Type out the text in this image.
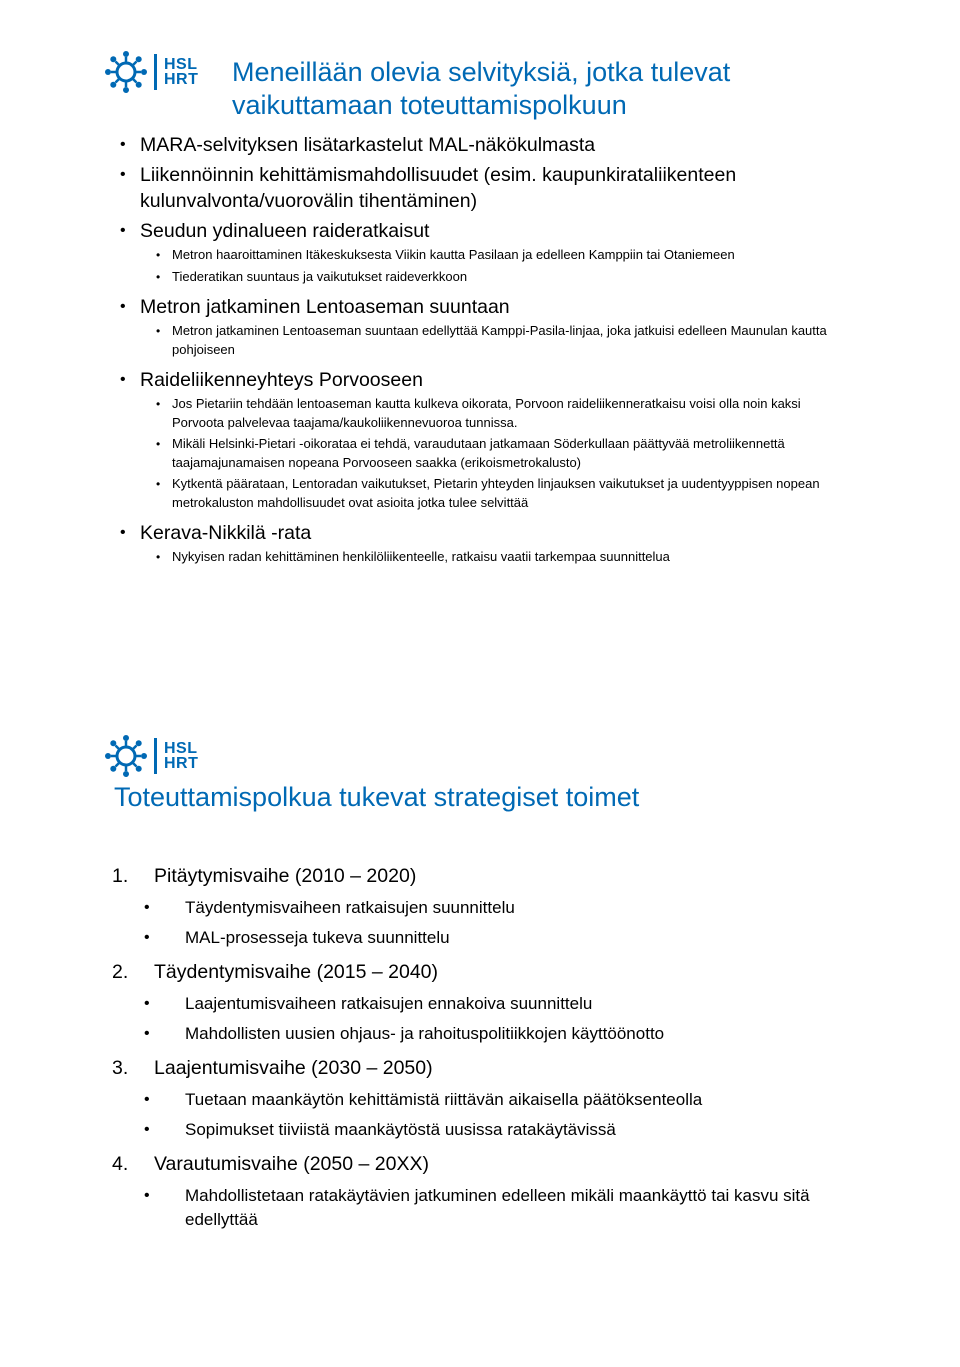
HSL
HRT Meneillään olevia selvityksiä, jotka tulevat vaikuttamaan toteuttamispolkuun
• MARA-selvityksen lisätarkastelut MAL-näkökulmasta
• Liikennöinnin kehittämismahdollisuudet (esim. kaupunkirataliikenteen kulunvalvonta/vuorovälin tihentäminen)
• Seudun ydinalueen raideratkaisut
• Metron haaroittaminen Itäkeskuksesta Viikin kautta Pasilaan ja edelleen Kamppiin tai Otaniemeen
• Tiederatikan suuntaus ja vaikutukset raideverkkoon
• Metron jatkaminen Lentoaseman suuntaan
• Metron jatkaminen Lentoaseman suuntaan edellyttää Kamppi-Pasila-linjaa, joka jatkuisi edelleen Maunulan kautta pohjoiseen
• Raideliikenneyhteys Porvooseen
• Jos Pietariin tehdään lentoaseman kautta kulkeva oikorata, Porvoon raideliikenneratkaisu voisi olla noin kaksi Porvoota palvelevaa taajama/kaukoliikennevuoroa tunnissa.
• Mikäli Helsinki-Pietari -oikorataa ei tehdä, varaudutaan jatkamaan Söderkullaan päättyvää metroliikennettä taajamajunamaisen nopeana Porvooseen saakka (erikoismetrokalusto)
• Kytkentä päärataan, Lentoradan vaikutukset, Pietarin yhteyden linjauksen vaikutukset ja uudentyyppisen nopean metrokaluston mahdollisuudet ovat asioita jotka tulee selvittää
• Kerava-Nikkilä -rata
• Nykyisen radan kehittäminen henkilöliikenteelle, ratkaisu vaatii tarkempaa suunnittelua
HSL
HRT
Toteuttamispolkua tukevat strategiset toimet
1. Pitäytymisvaihe (2010 – 2020)
• Täydentymisvaiheen ratkaisujen suunnittelu
• MAL-prosesseja tukeva suunnittelu
2. Täydentymisvaihe (2015 – 2040)
• Laajentumisvaiheen ratkaisujen ennakoiva suunnittelu
• Mahdollisten uusien ohjaus- ja rahoituspolitiikkojen käyttöönotto
3. Laajentumisvaihe (2030 – 2050)
• Tuetaan maankäytön kehittämistä riittävän aikaisella päätöksenteolla
• Sopimukset tiiviistä maankäytöstä uusissa ratakäytävissä
4. Varautumisvaihe (2050 – 20XX)
• Mahdollistetaan ratakäytävien jatkuminen edelleen mikäli maankäyttö tai kasvu sitä edellyttää
